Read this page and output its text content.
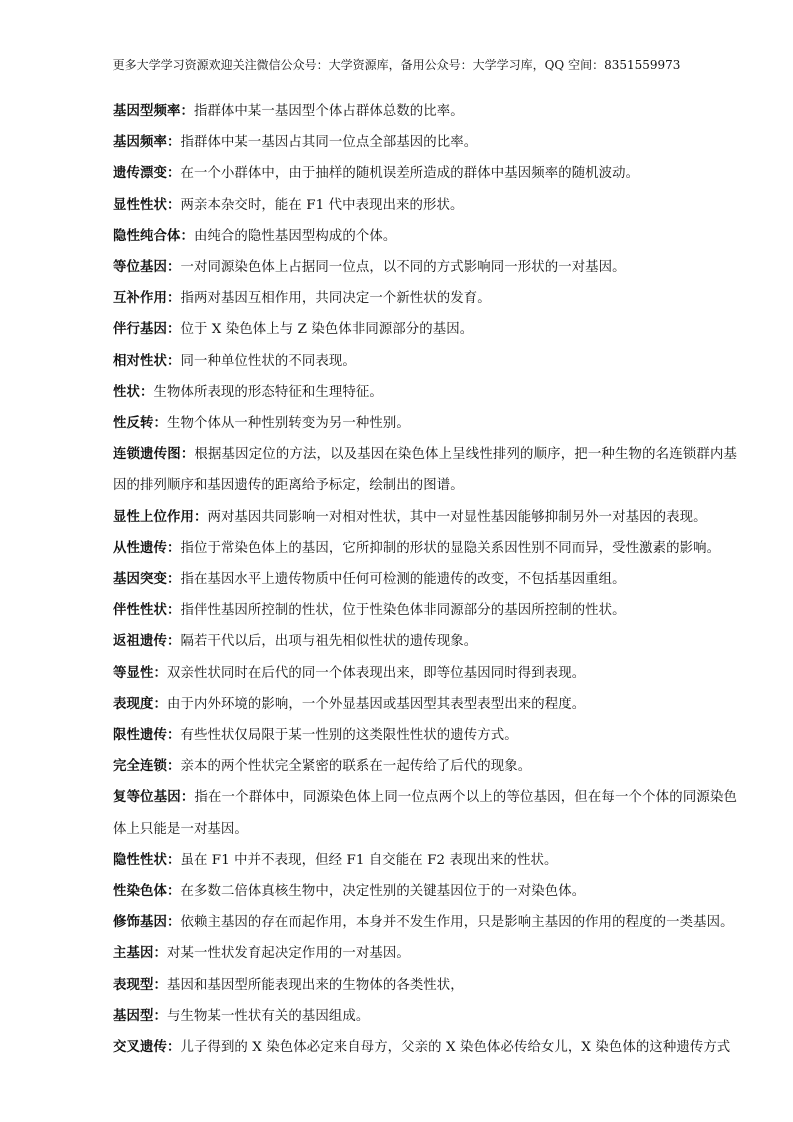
更多大学学习资源欢迎关注微信公众号：大学资源库，备用公众号：大学学习库，QQ 空间：8351559973
基因型频率：指群体中某一基因型个体占群体总数的比率。
基因频率：指群体中某一基因占其同一位点全部基因的比率。
遗传漂变：在一个小群体中，由于抽样的随机误差所造成的群体中基因频率的随机波动。
显性性状：两亲本杂交时，能在 F1 代中表现出来的形状。
隐性纯合体：由纯合的隐性基因型构成的个体。
等位基因：一对同源染色体上占据同一位点，以不同的方式影响同一形状的一对基因。
互补作用：指两对基因互相作用，共同决定一个新性状的发育。
伴行基因：位于 X 染色体上与 Z 染色体非同源部分的基因。
相对性状：同一种单位性状的不同表现。
性状：生物体所表现的形态特征和生理特征。
性反转：生物个体从一种性别转变为另一种性别。
连锁遗传图：根据基因定位的方法，以及基因在染色体上呈线性排列的顺序，把一种生物的名连锁群内基因的排列顺序和基因遗传的距离给予标定，绘制出的图谱。
显性上位作用：两对基因共同影响一对相对性状，其中一对显性基因能够抑制另外一对基因的表现。
从性遗传：指位于常染色体上的基因，它所抑制的形状的显隐关系因性别不同而异，受性激素的影响。
基因突变：指在基因水平上遗传物质中任何可检测的能遗传的改变，不包括基因重组。
伴性性状：指伴性基因所控制的性状，位于性染色体非同源部分的基因所控制的性状。
返祖遗传：隔若干代以后，出项与祖先相似性状的遗传现象。
等显性：双亲性状同时在后代的同一个体表现出来，即等位基因同时得到表现。
表现度：由于内外环境的影响，一个外显基因或基因型其表型表型出来的程度。
限性遗传：有些性状仅局限于某一性别的这类限性性状的遗传方式。
完全连锁：亲本的两个性状完全紧密的联系在一起传给了后代的现象。
复等位基因：指在一个群体中，同源染色体上同一位点两个以上的等位基因，但在每一个个体的同源染色体上只能是一对基因。
隐性性状：虽在 F1 中并不表现，但经 F1 自交能在 F2 表现出来的性状。
性染色体：在多数二倍体真核生物中，决定性别的关键基因位于的一对染色体。
修饰基因：依赖主基因的存在而起作用，本身并不发生作用，只是影响主基因的作用的程度的一类基因。
主基因：对某一性状发育起决定作用的一对基因。
表现型：基因和基因型所能表现出来的生物体的各类性状，
基因型：与生物某一性状有关的基因组成。
交叉遗传：儿子得到的 X 染色体必定来自母方，父亲的 X 染色体必传给女儿，X 染色体的这种遗传方式
